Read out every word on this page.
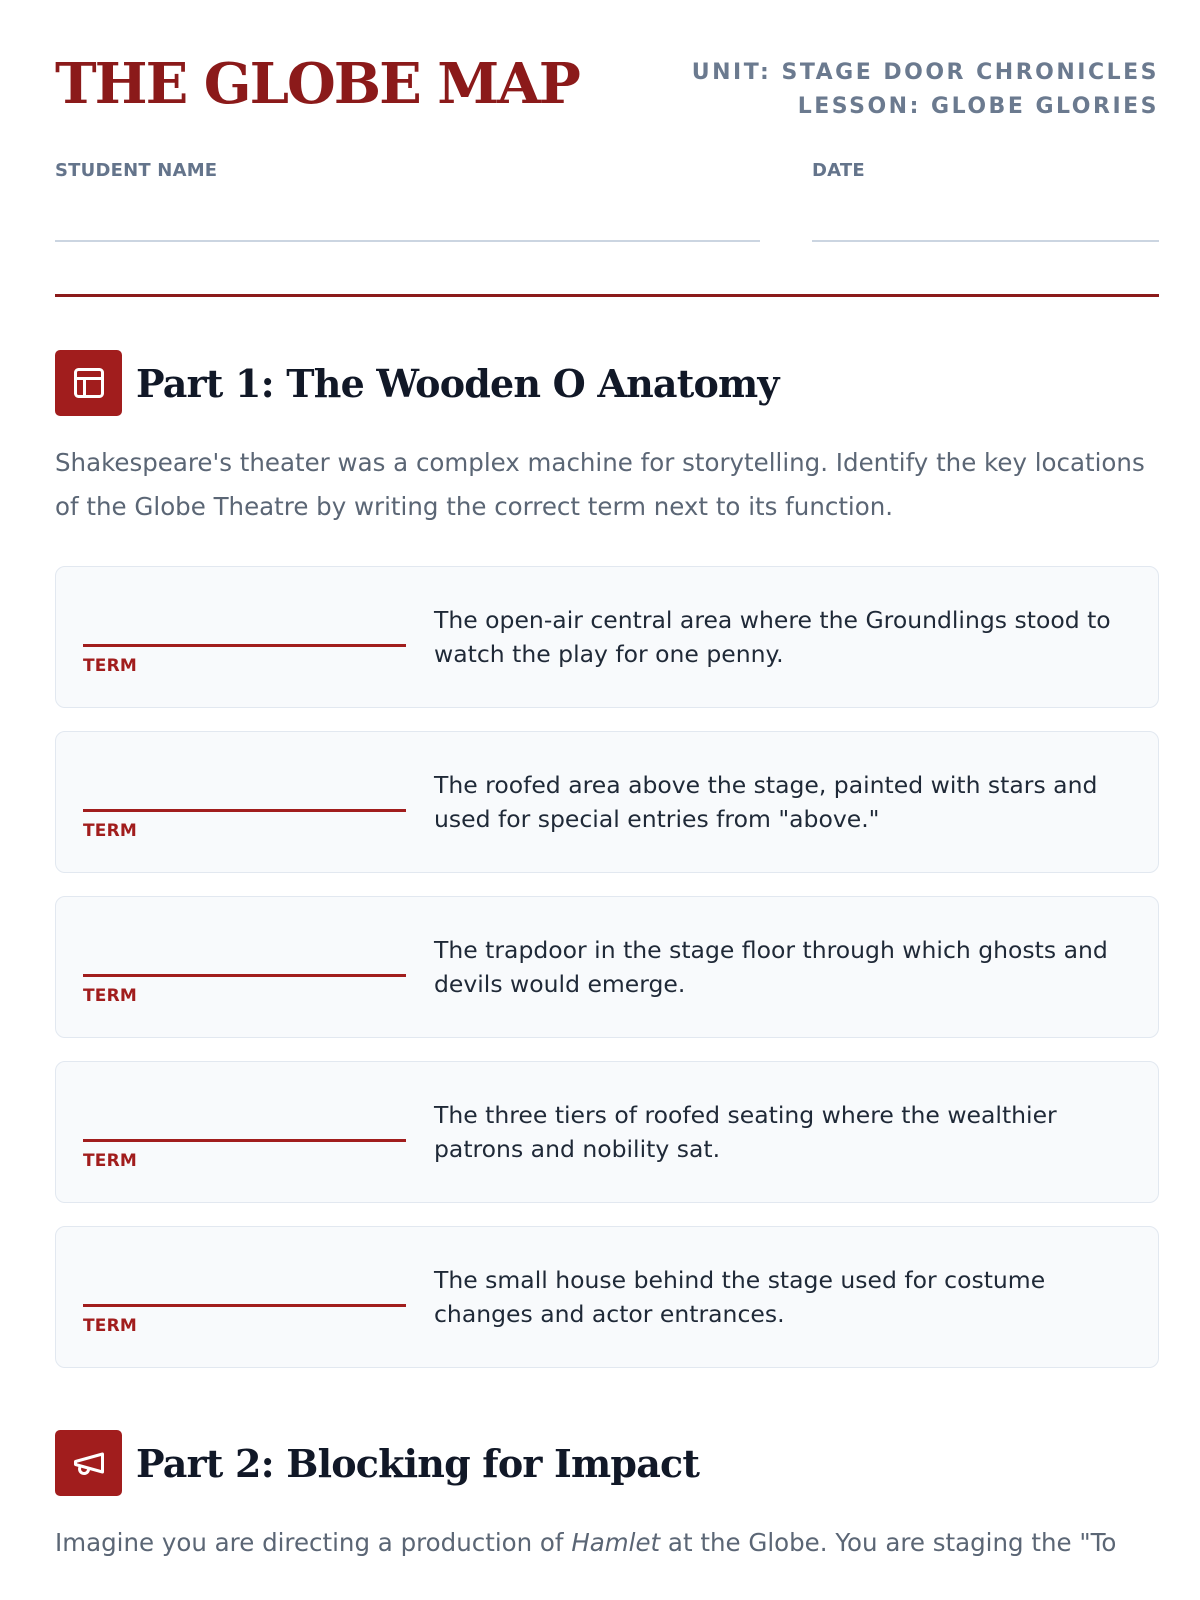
THE GLOBE MAP	UNIT: STAGE DOOR CHRONICLES
LESSON: GLOBE GLORIES
STUDENT NAME	DATE
Part 1: The Wooden O Anatomy
Shakespeare's theater was a complex machine for storytelling. Identify the key locations of the Globe Theatre by writing the correct term next to its function.
TERM
The open-air central area where the Groundlings stood to watch the play for one penny.
TERM
The roofed area above the stage, painted with stars and used for special entries from "above."
TERM
The trapdoor in the stage floor through which ghosts and devils would emerge.
TERM
The three tiers of roofed seating where the wealthier patrons and nobility sat.
TERM
The small house behind the stage used for costume changes and actor entrances.
Part 2: Blocking for Impact
Imagine you are directing a production of Hamlet at the Globe. You are staging the "To
